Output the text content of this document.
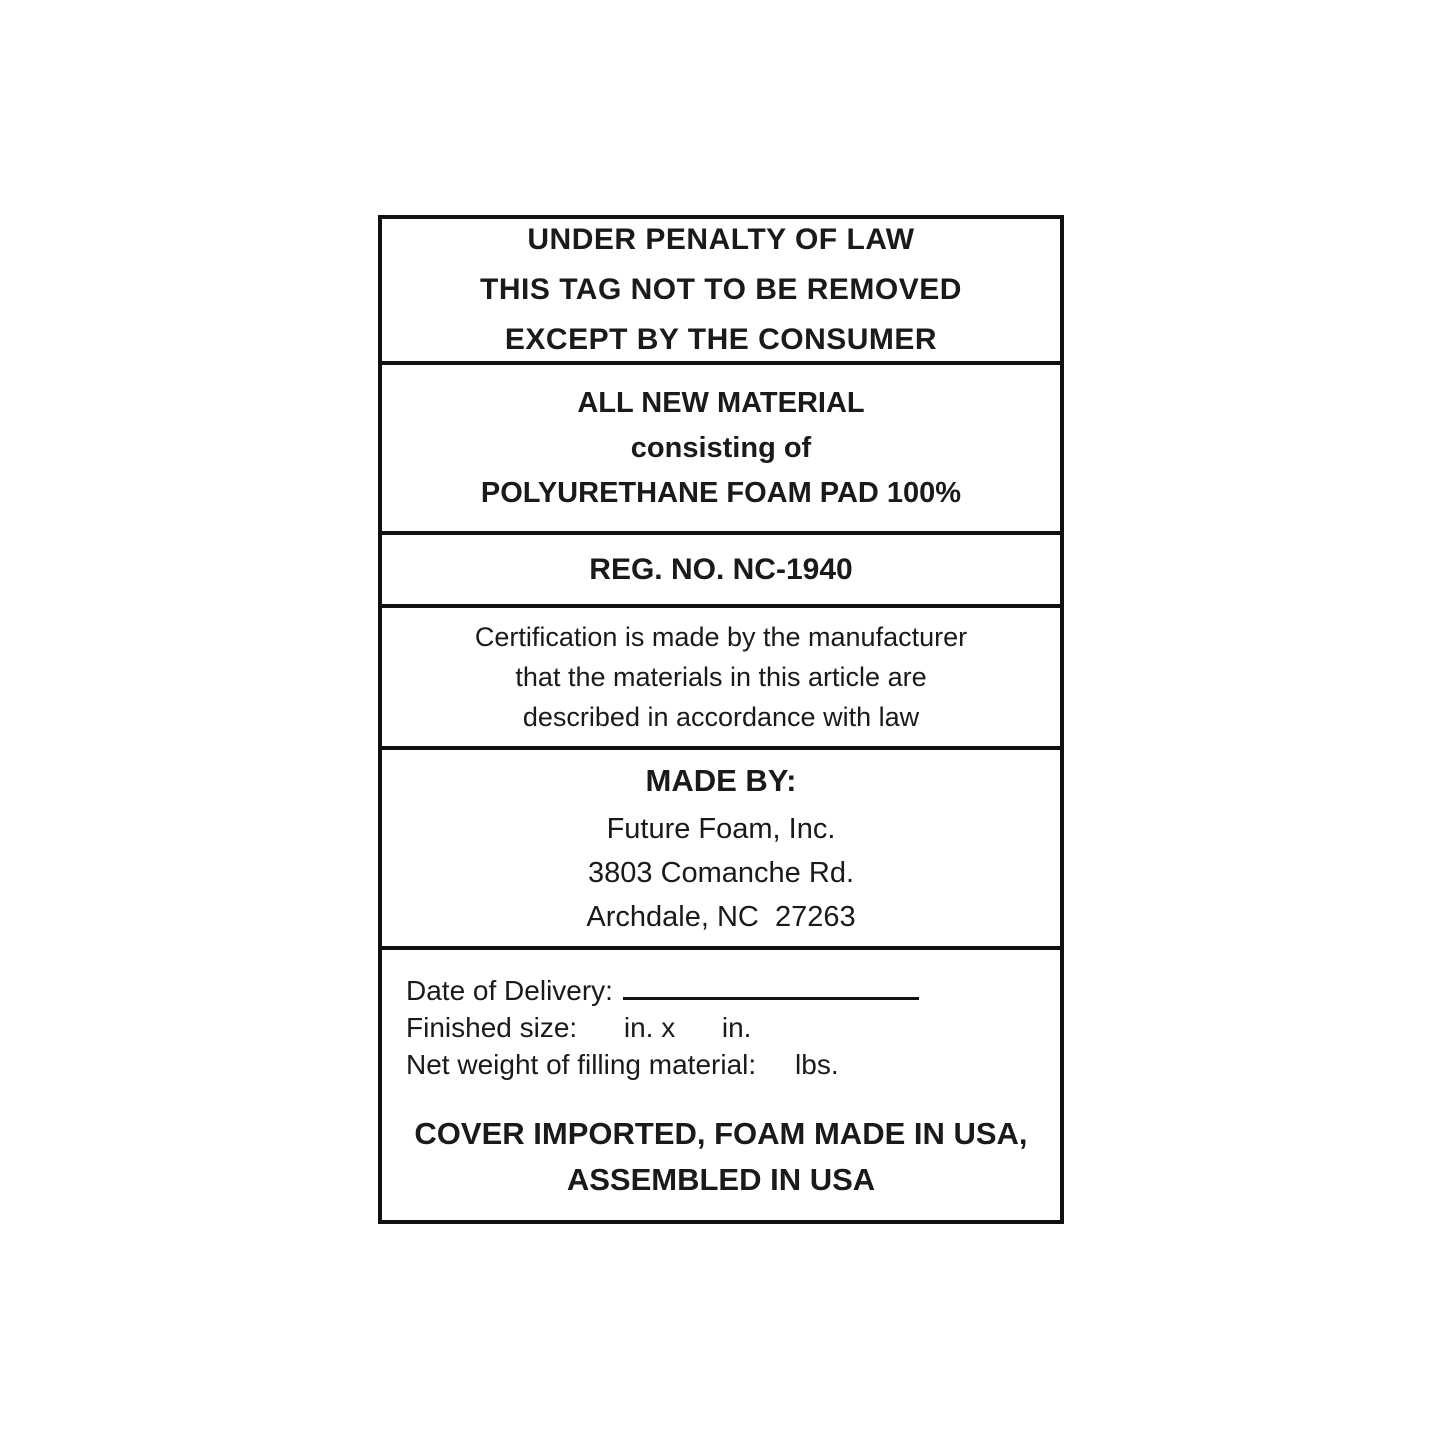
UNDER PENALTY OF LAW
THIS TAG NOT TO BE REMOVED
EXCEPT BY THE CONSUMER
ALL NEW MATERIAL
consisting of
POLYURETHANE FOAM PAD 100%
REG. NO. NC-1940
Certification is made by the manufacturer
that the materials in this article are
described in accordance with law
MADE BY:
Future Foam, Inc.
3803 Comanche Rd.
Archdale, NC  27263
Date of Delivery:
Finished size:      in. x      in.
Net weight of filling material:     lbs.
COVER IMPORTED, FOAM MADE IN USA,
ASSEMBLED IN USA
